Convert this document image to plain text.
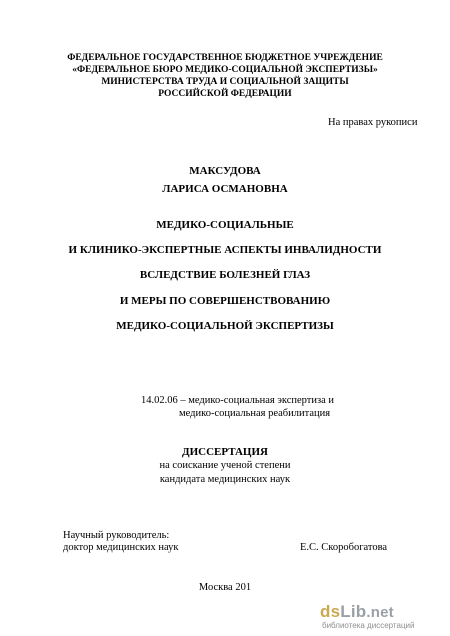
ФЕДЕРАЛЬНОЕ ГОСУДАРСТВЕННОЕ БЮДЖЕТНОЕ УЧРЕЖДЕНИЕ
«ФЕДЕРАЛЬНОЕ БЮРО МЕДИКО-СОЦИАЛЬНОЙ ЭКСПЕРТИЗЫ»
МИНИСТЕРСТВА ТРУДА И СОЦИАЛЬНОЙ ЗАЩИТЫ
РОССИЙСКОЙ ФЕДЕРАЦИИ
На правах рукописи
МАКСУДОВА
ЛАРИСА ОСМАНОВНА
МЕДИКО-СОЦИАЛЬНЫЕ
И КЛИНИКО-ЭКСПЕРТНЫЕ АСПЕКТЫ ИНВАЛИДНОСТИ
ВСЛЕДСТВИЕ БОЛЕЗНЕЙ ГЛАЗ
И МЕРЫ ПО СОВЕРШЕНСТВОВАНИЮ
МЕДИКО-СОЦИАЛЬНОЙ ЭКСПЕРТИЗЫ
14.02.06 – медико-социальная экспертиза и
медико-социальная реабилитация
ДИССЕРТАЦИЯ
на соискание ученой степени
кандидата медицинских наук
Научный руководитель:
доктор медицинских наук	Е.С. Скоробогатова
Москва 201
dsLib.net
библиотека диссертаций
